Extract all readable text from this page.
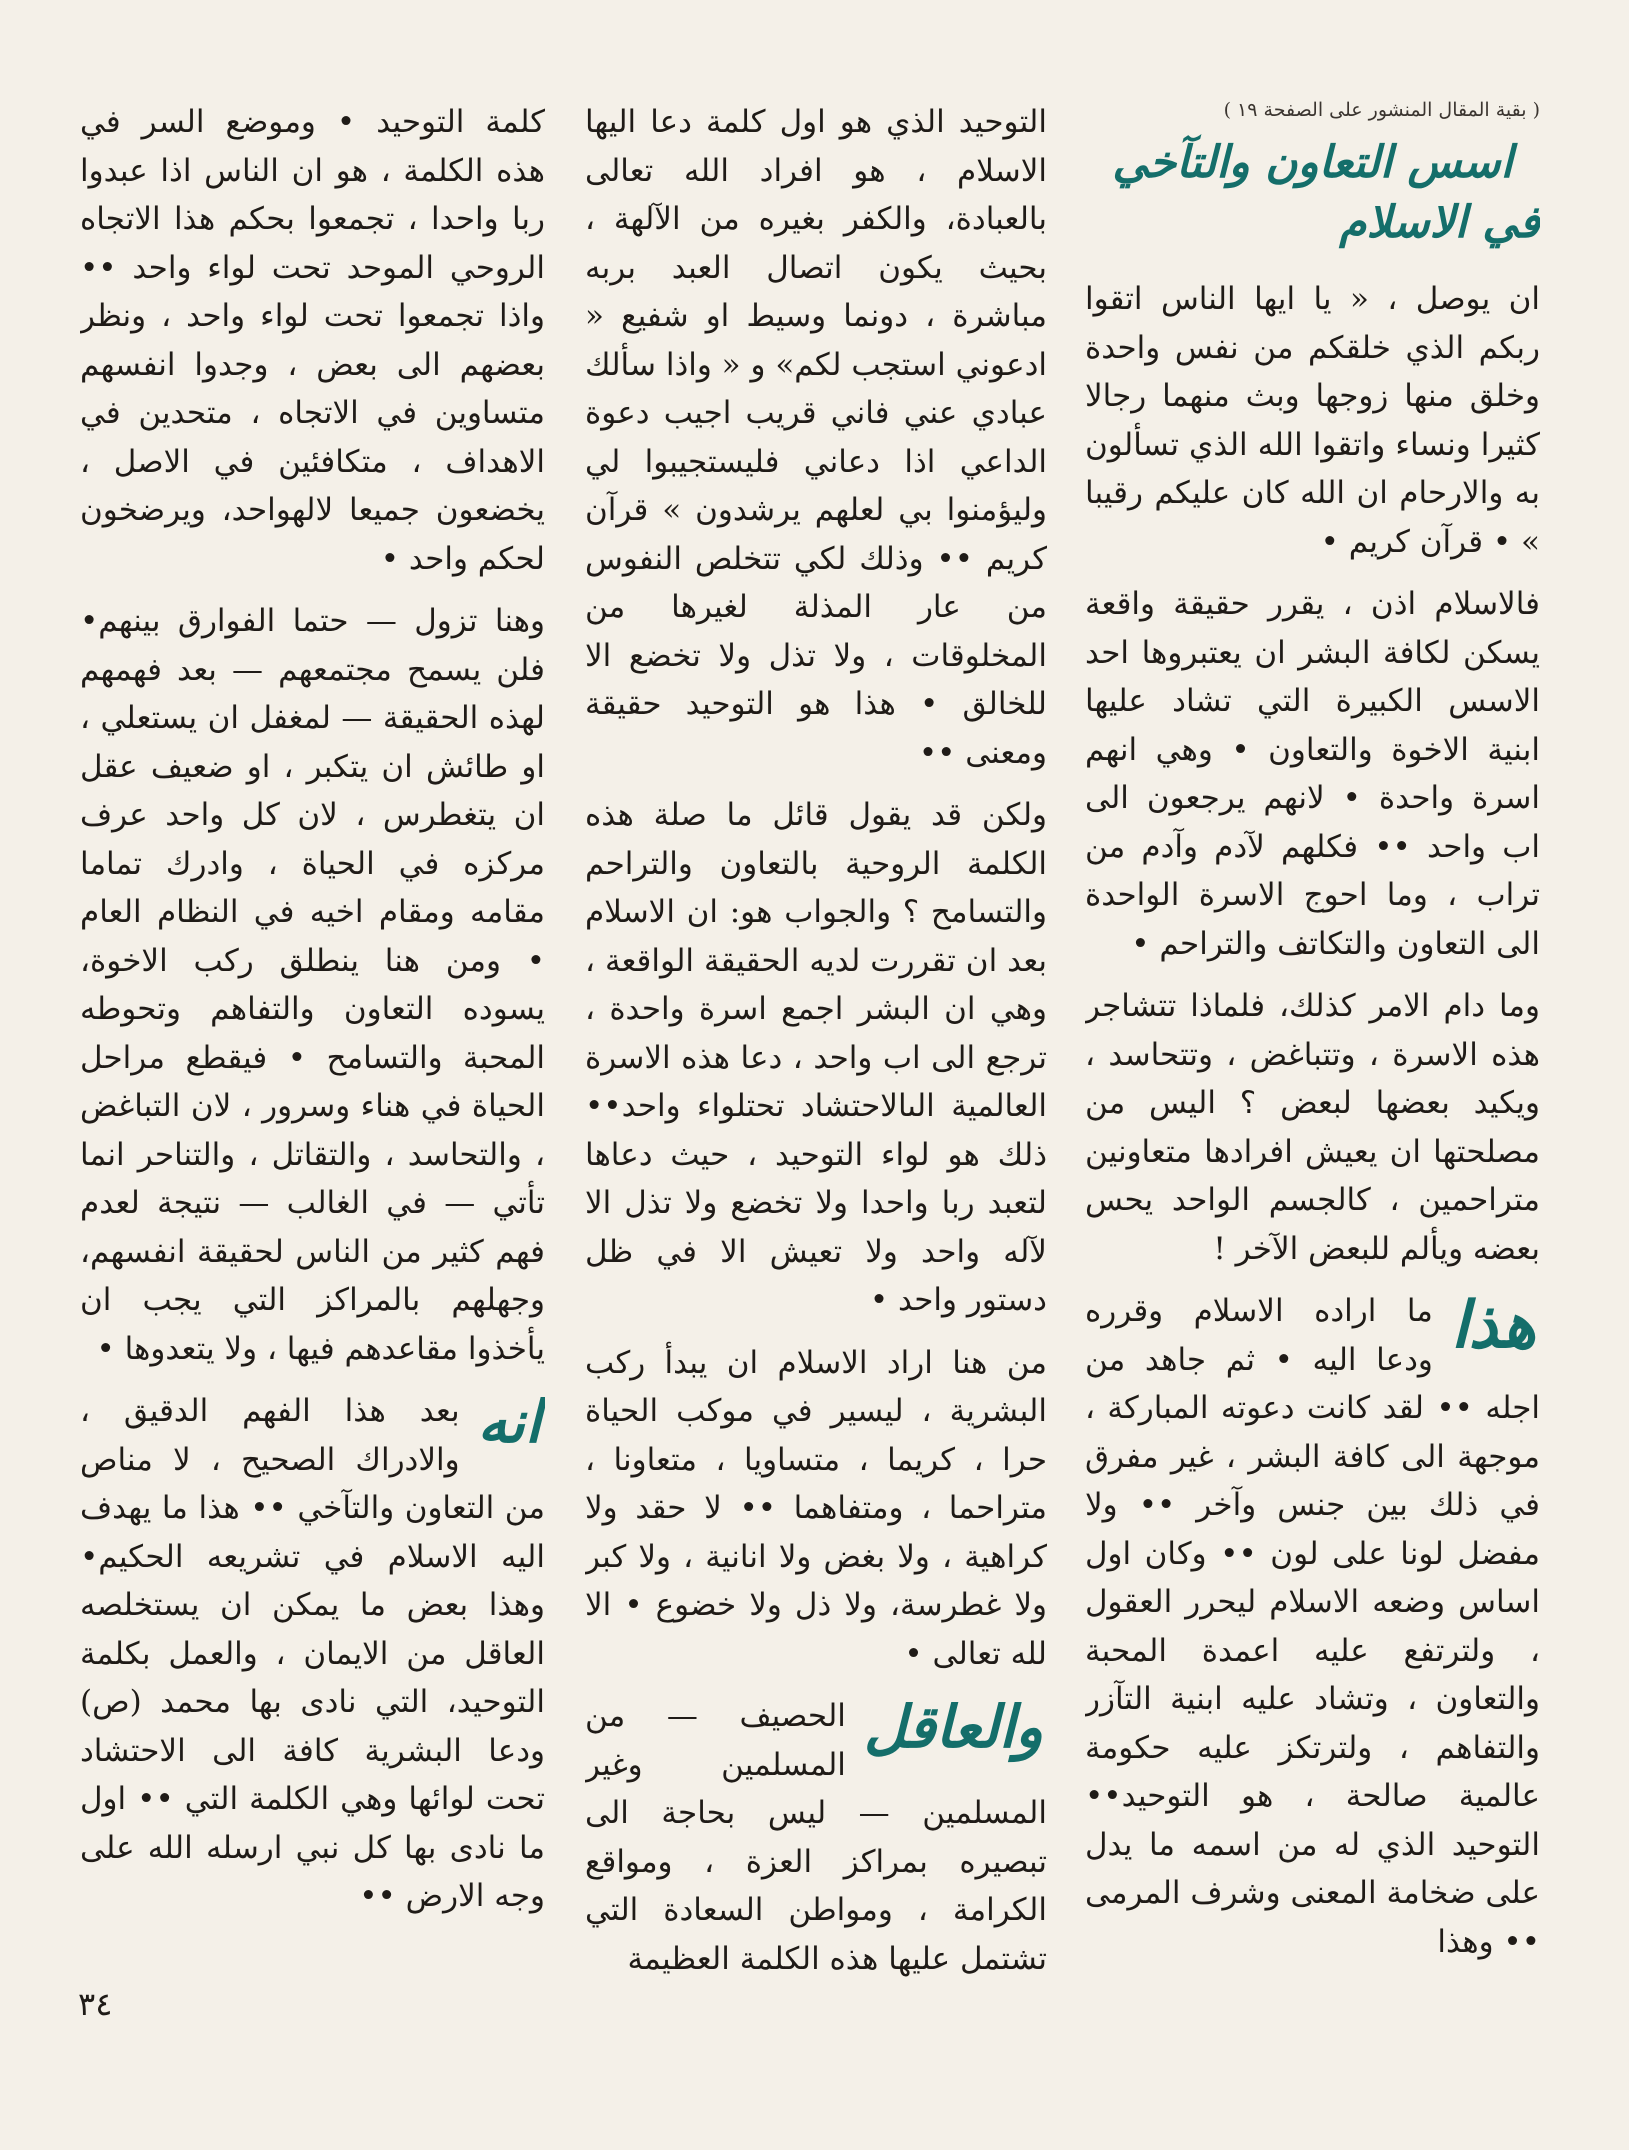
( بقية المقال المنشور على الصفحة ١٩ )
اسس التعاون والتآخي في الاسلام

ان يوصل ، « يا ايها الناس اتقوا ربكم الذي خلقكم من نفس واحدة وخلق منها زوجها وبث منهما رجالا كثيرا ونساء واتقوا الله الذي تسألون به والارحام ان الله كان عليكم رقيبا » • قرآن كريم •

فالاسلام اذن ، يقرر حقيقة واقعة يسكن لكافة البشر ان يعتبروها احد الاسس الكبيرة التي تشاد عليها ابنية الاخوة والتعاون • وهي انهم اسرة واحدة • لانهم يرجعون الى اب واحد •• فكلهم لآدم وآدم من تراب ، وما احوج الاسرة الواحدة الى التعاون والتكاتف والتراحم •

وما دام الامر كذلك، فلماذا تتشاجر هذه الاسرة ، وتتباغض ، وتتحاسد ، ويكيد بعضها لبعض ؟ اليس من مصلحتها ان يعيش افرادها متعاونين متراحمين ، كالجسم الواحد يحس بعضه ويألم للبعض الآخر !

هذا
ما اراده الاسلام وقرره ودعا اليه • ثم جاهد من اجله •• لقد كانت دعوته المباركة ، موجهة الى كافة البشر ، غير مفرق في ذلك بين جنس وآخر •• ولا مفضل لونا على لون •• وكان اول اساس وضعه الاسلام ليحرر العقول ، ولترتفع عليه اعمدة المحبة والتعاون ، وتشاد عليه ابنية التآزر والتفاهم ، ولترتكز عليه حكومة عالمية صالحة ، هو التوحيد•• التوحيد الذي له من اسمه ما يدل على ضخامة المعنى وشرف المرمى •• وهذا

التوحيد الذي هو اول كلمة دعا اليها الاسلام ، هو افراد الله تعالى بالعبادة، والكفر بغيره من الآلهة ، بحيث يكون اتصال العبد بربه مباشرة ، دونما وسيط او شفيع « ادعوني استجب لكم» و « واذا سألك عبادي عني فاني قريب اجيب دعوة الداعي اذا دعاني فليستجيبوا لي وليؤمنوا بي لعلهم يرشدون » قرآن كريم •• وذلك لكي تتخلص النفوس من عار المذلة لغيرها من المخلوقات ، ولا تذل ولا تخضع الا للخالق • هذا هو التوحيد حقيقة ومعنى ••

ولكن قد يقول قائل ما صلة هذه الكلمة الروحية بالتعاون والتراحم والتسامح ؟ والجواب هو: ان الاسلام بعد ان تقررت لديه الحقيقة الواقعة ، وهي ان البشر اجمع اسرة واحدة ، ترجع الى اب واحد ، دعا هذه الاسرة العالمية الىالاحتشاد تحتلواء واحد•• ذلك هو لواء التوحيد ، حيث دعاها لتعبد ربا واحدا ولا تخضع ولا تذل الا لآله واحد ولا تعيش الا في ظل دستور واحد •

من هنا اراد الاسلام ان يبدأ ركب البشرية ، ليسير في موكب الحياة حرا ، كريما ، متساويا ، متعاونا ، متراحما ، ومتفاهما •• لا حقد ولا كراهية ، ولا بغض ولا انانية ، ولا كبر ولا غطرسة، ولا ذل ولا خضوع • الا لله تعالى •

والعاقل
الحصيف — من المسلمين وغير المسلمين — ليس بحاجة الى تبصيره بمراكز العزة ، ومواقع الكرامة ، ومواطن السعادة التي تشتمل عليها هذه الكلمة العظيمة

كلمة التوحيد • وموضع السر في هذه الكلمة ، هو ان الناس اذا عبدوا ربا واحدا ، تجمعوا بحكم هذا الاتجاه الروحي الموحد تحت لواء واحد •• واذا تجمعوا تحت لواء واحد ، ونظر بعضهم الى بعض ، وجدوا انفسهم متساوين في الاتجاه ، متحدين في الاهداف ، متكافئين في الاصل ، يخضعون جميعا لالهواحد، ويرضخون لحكم واحد •

وهنا تزول — حتما الفوارق بينهم• فلن يسمح مجتمعهم — بعد فهمهم لهذه الحقيقة — لمغفل ان يستعلي ، او طائش ان يتكبر ، او ضعيف عقل ان يتغطرس ، لان كل واحد عرف مركزه في الحياة ، وادرك تماما مقامه ومقام اخيه في النظام العام • ومن هنا ينطلق ركب الاخوة، يسوده التعاون والتفاهم وتحوطه المحبة والتسامح • فيقطع مراحل الحياة في هناء وسرور ، لان التباغض ، والتحاسد ، والتقاتل ، والتناحر انما تأتي — في الغالب — نتيجة لعدم فهم كثير من الناس لحقيقة انفسهم، وجهلهم بالمراكز التي يجب ان يأخذوا مقاعدهم فيها ، ولا يتعدوها •

انه
بعد هذا الفهم الدقيق ، والادراك الصحيح ، لا مناص من التعاون والتآخي •• هذا ما يهدف اليه الاسلام في تشريعه الحكيم• وهذا بعض ما يمكن ان يستخلصه العاقل من الايمان ، والعمل بكلمة التوحيد، التي نادى بها محمد (ص) ودعا البشرية كافة الى الاحتشاد تحت لوائها وهي الكلمة التي •• اول ما نادى بها كل نبي ارسله الله على وجه الارض ••

٣٤
